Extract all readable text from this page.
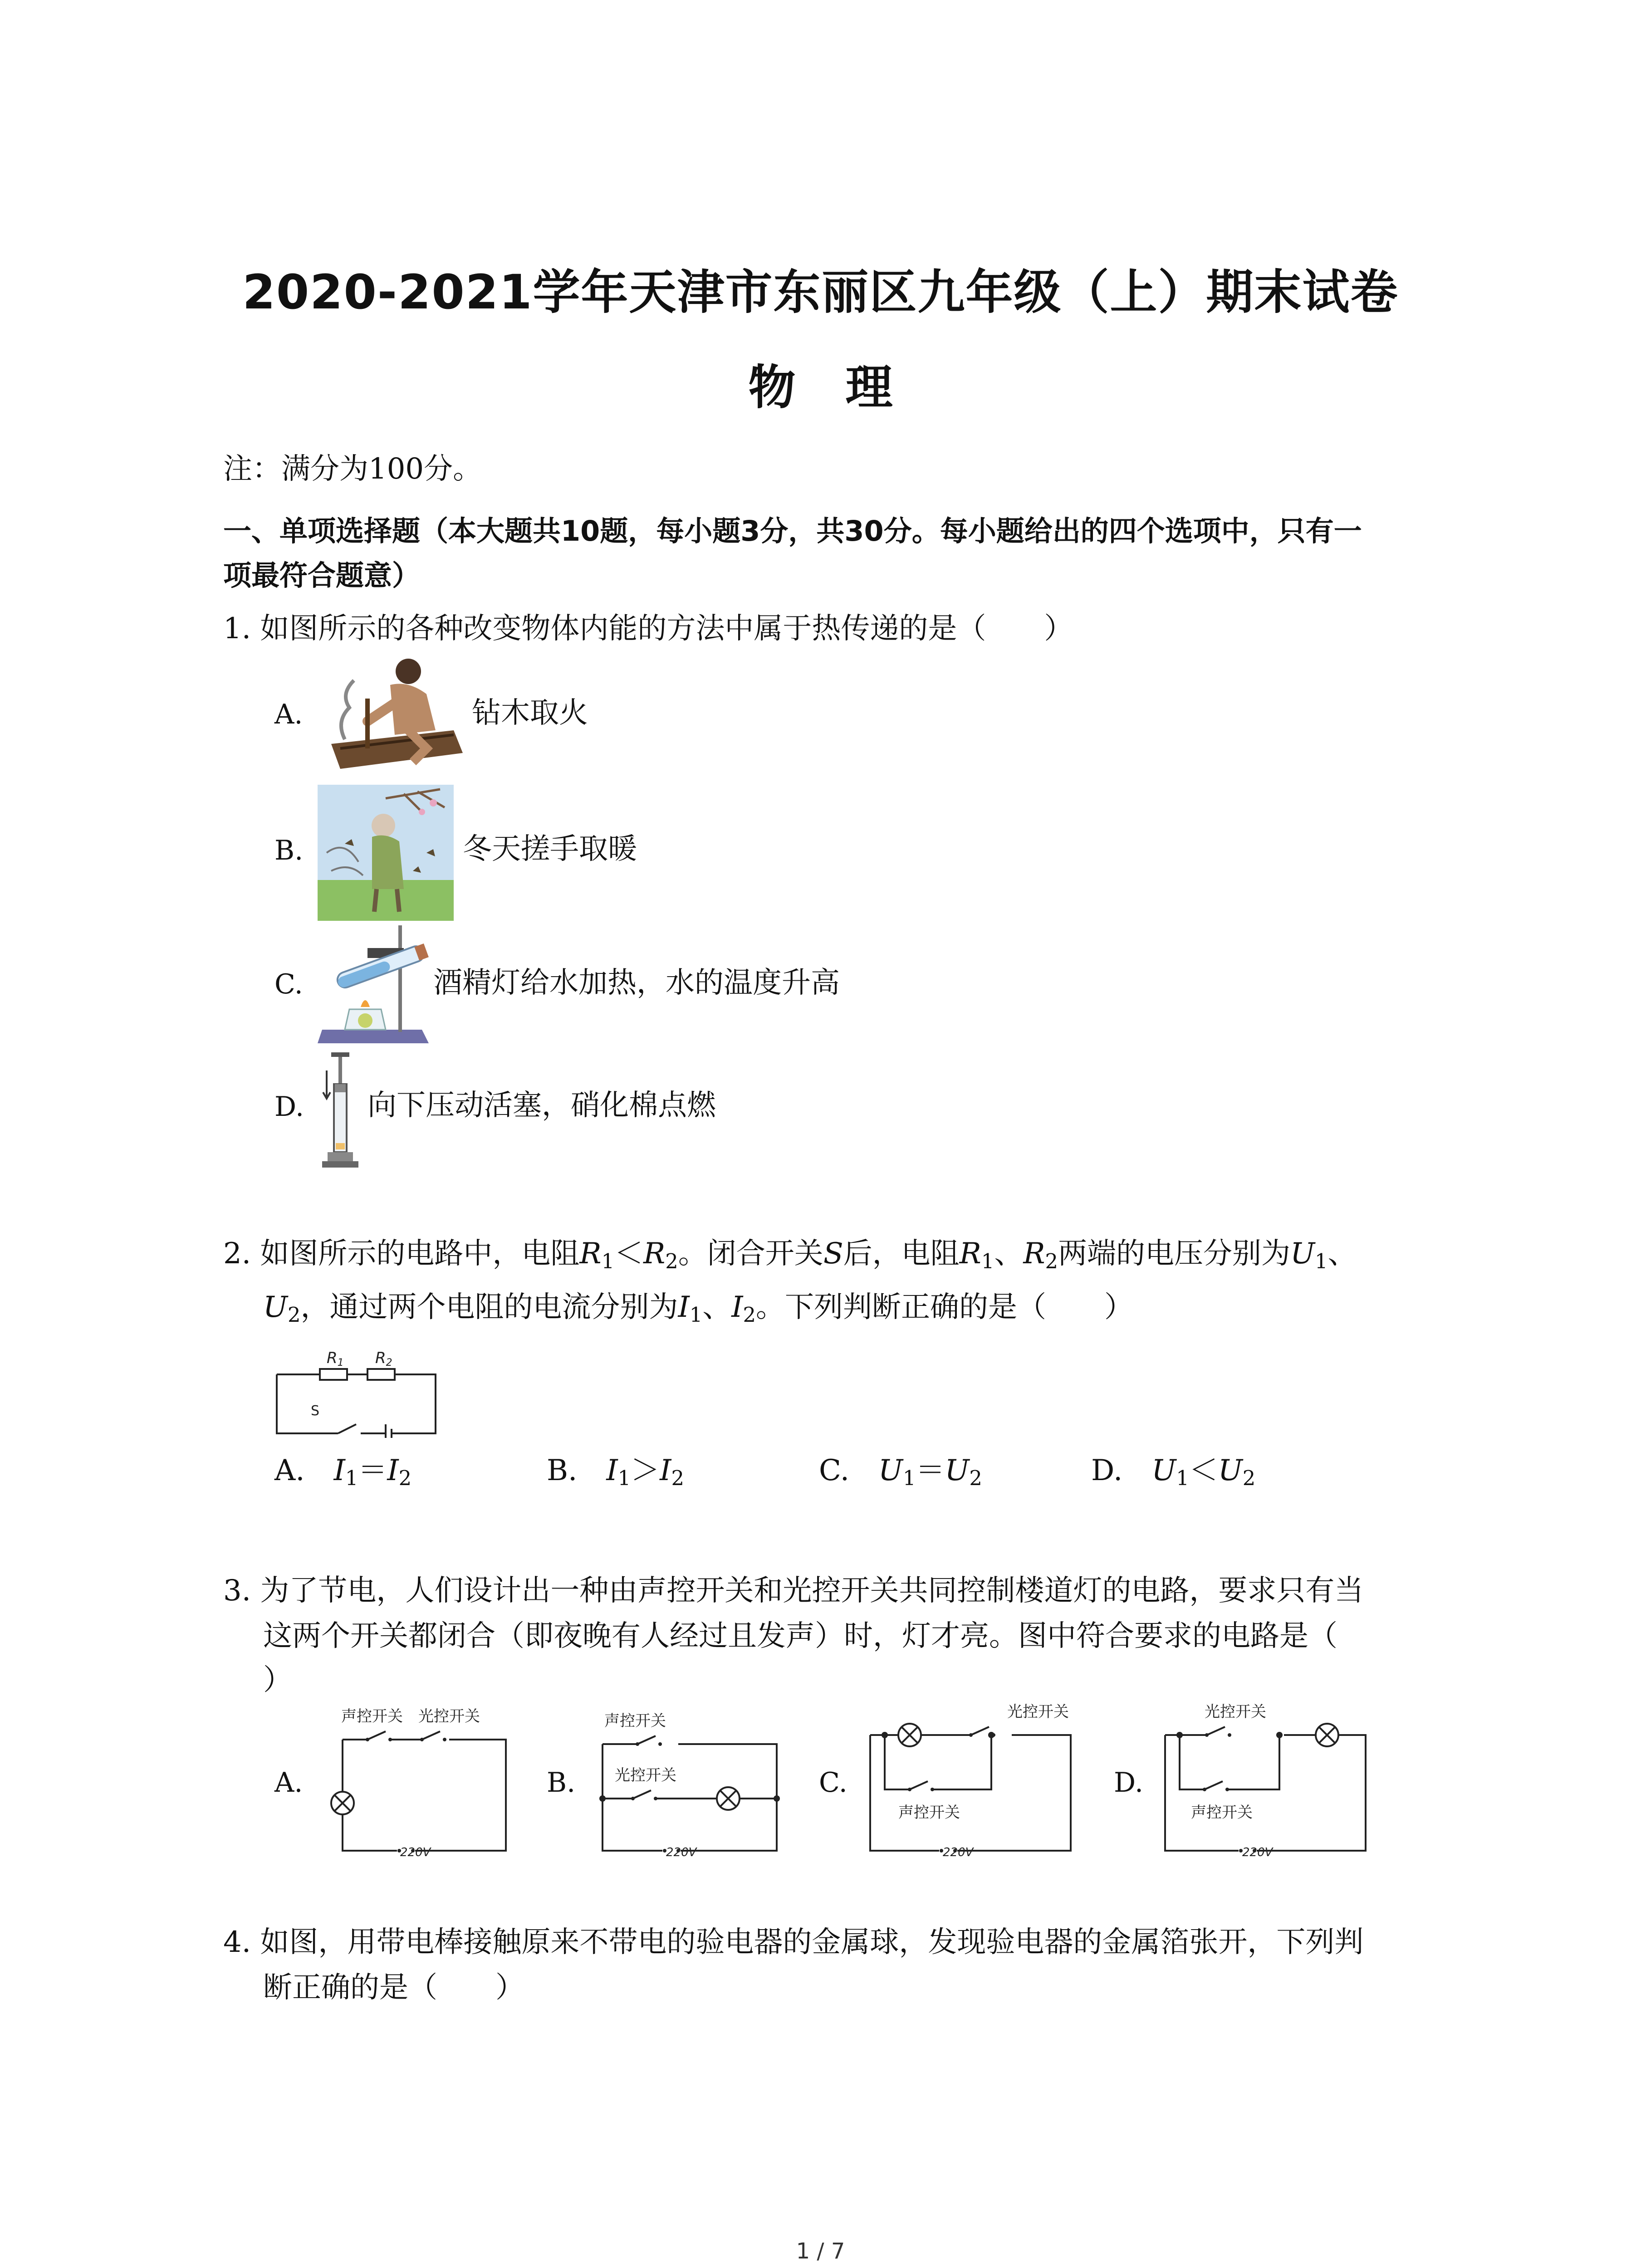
2020-2021学年天津市东丽区九年级（上）期末试卷
物理
注：满分为100分。
一、单项选择题（本大题共10题，每小题3分，共30分。每小题给出的四个选项中，只有一
项最符合题意）
1. 如图所示的各种改变物体内能的方法中属于热传递的是（　　）
A.	钻木取火
B.	冬天搓手取暖
C.	酒精灯给水加热，水的温度升高
D. 向下压动活塞，硝化棉点燃
2. 如图所示的电路中，电阻$R_1<R_2$。闭合开关S后，电阻$R_1$、$R_2$两端的电压分别为$U_1$、
$U_2$，通过两个电阻的电流分别为$I_1$、$I_2$。下列判断正确的是（　　）
R1 R2
S
A.  $I_1=I_2$	B.  $I_1>I_2$	C.  $U_1=U_2$	D.  $U_1<U_2$
3. 为了节电，人们设计出一种由声控开关和光控开关共同控制楼道灯的电路，要求只有当
这两个开关都闭合（即夜晚有人经过且发声）时，灯才亮。图中符合要求的电路是（
）
A.	B.	C.	D.
声控开关 光控开关
220V
声控开关
光控开关
220V
光控开关
声控开关
220V
光控开关
声控开关
220V
4. 如图，用带电棒接触原来不带电的验电器的金属球，发现验电器的金属箔张开，下列判
断正确的是（　　）
1 / 7
